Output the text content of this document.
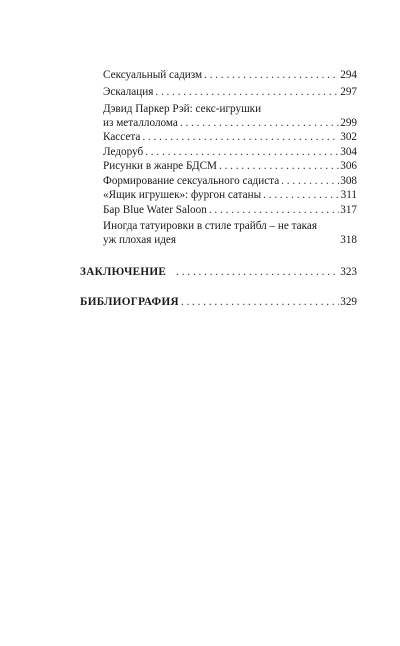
Сексуальный садизм . . .	294
Эскалация . . .	297
Дэвид Паркер Рэй: секс-игрушки
из металлолома . . .	299
Кассета . . .	302
Ледоруб . . .	304
Рисунки в жанре БДСМ . . .	306
Формирование сексуального садиста . . .	308
«Ящик игрушек»: фургон сатаны . . .	311
Бар Blue Water Saloon . . .	317
Иногда татуировки в стиле трайбл – не такая
уж плохая идея	318
ЗАКЛЮЧЕНИЕ . . .	323
БИБЛИОГРАФИЯ . . .	329
